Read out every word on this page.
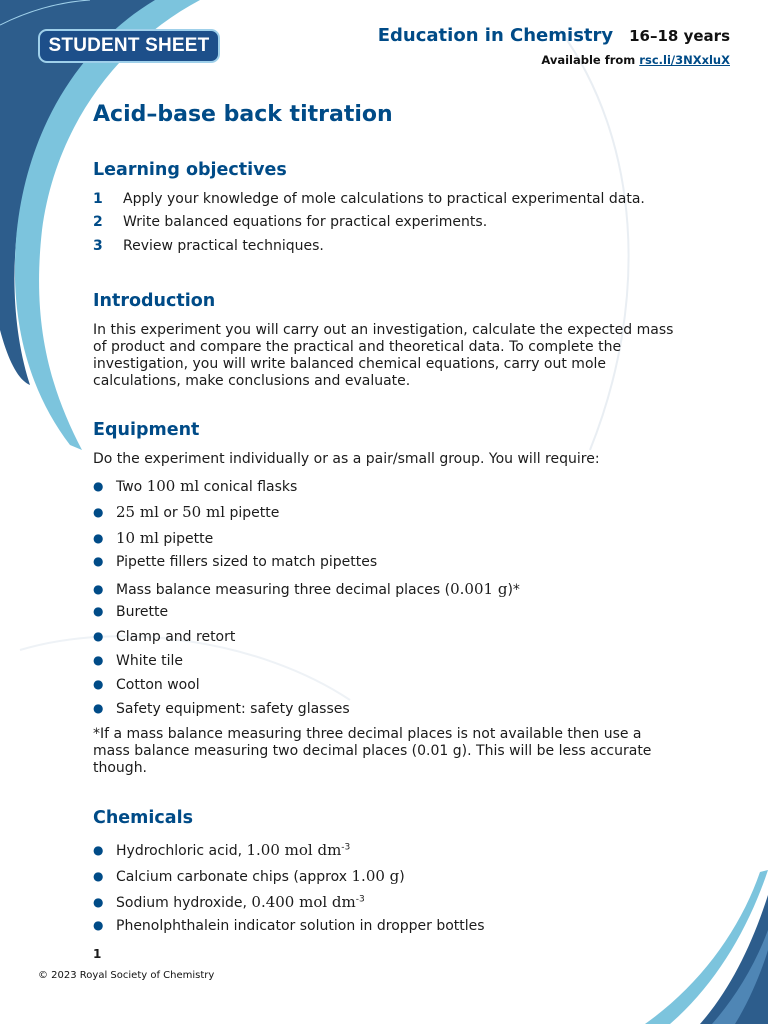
STUDENT SHEET	Education in Chemistry 16–18 years
Available from rsc.li/3NXxluX
Acid–base back titration
Learning objectives
1 Apply your knowledge of mole calculations to practical experimental data.
2 Write balanced equations for practical experiments.
3 Review practical techniques.
Introduction

In this experiment you will carry out an investigation, calculate the expected mass of product and compare the practical and theoretical data. To complete the investigation, you will write balanced chemical equations, carry out mole calculations, make conclusions and evaluate.

Equipment

Do the experiment individually or as a pair/small group. You will require:

● Two 100 ml conical flasks
● 25 ml or 50 ml pipette
● 10 ml pipette
● Pipette fillers sized to match pipettes
● Mass balance measuring three decimal places (0.001 g)*
● Burette
● Clamp and retort
● White tile
● Cotton wool
● Safety equipment: safety glasses

*If a mass balance measuring three decimal places is not available then use a mass balance measuring two decimal places (0.01 g). This will be less accurate though.

Chemicals
● Hydrochloric acid, 1.00 mol $dm^{-3}$
● Calcium carbonate chips (approx 1.00 g)
● Sodium hydroxide, 0.400 mol $dm^{-3}$
● Phenolphthalein indicator solution in dropper bottles
1
© 2023 Royal Society of Chemistry
